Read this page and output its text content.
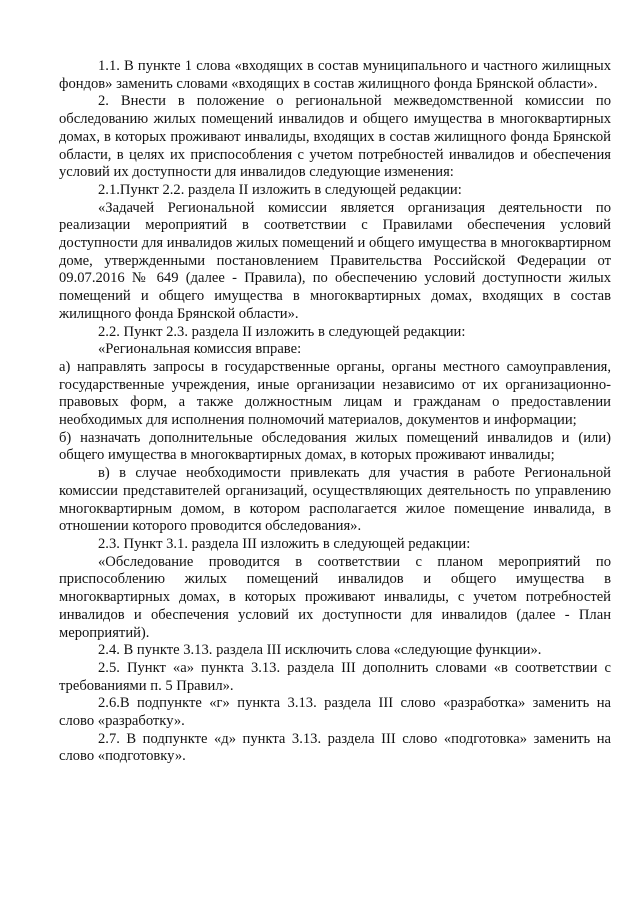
1.1. В пункте 1 слова «входящих в состав муниципального и частного жилищных фондов» заменить словами «входящих в состав жилищного фонда Брянской области».

2. Внести в положение о региональной межведомственной комиссии по обследованию жилых помещений инвалидов и общего имущества в многоквартирных домах, в которых проживают инвалиды, входящих в состав жилищного фонда Брянской области, в целях их приспособления с учетом потребностей инвалидов и обеспечения условий их доступности для инвалидов следующие изменения:

2.1.Пункт 2.2. раздела II изложить в следующей редакции:

«Задачей Региональной комиссии является организация деятельности по реализации мероприятий в соответствии с Правилами обеспечения условий доступности для инвалидов жилых помещений и общего имущества в многоквартирном доме, утвержденными постановлением Правительства Российской Федерации от 09.07.2016 № 649 (далее - Правила), по обеспечению условий доступности жилых помещений и общего имущества в многоквартирных домах, входящих в состав жилищного фонда Брянской области».

2.2. Пункт 2.3. раздела II изложить в следующей редакции:

«Региональная комиссия вправе:

а) направлять запросы в государственные органы, органы местного самоуправления, государственные учреждения, иные организации независимо от их организационно-правовых форм, а также должностным лицам и гражданам о предоставлении необходимых для исполнения полномочий материалов, документов и информации;

б) назначать дополнительные обследования жилых помещений инвалидов и (или) общего имущества в многоквартирных домах, в которых проживают инвалиды;

в) в случае необходимости привлекать для участия в работе Региональной комиссии представителей организаций, осуществляющих деятельность по управлению многоквартирным домом, в котором располагается жилое помещение инвалида, в отношении которого проводится обследования».

2.3. Пункт 3.1. раздела III изложить в следующей редакции:

«Обследование проводится в соответствии с планом мероприятий по приспособлению жилых помещений инвалидов и общего имущества в многоквартирных домах, в которых проживают инвалиды, с учетом потребностей инвалидов и обеспечения условий их доступности для инвалидов (далее - План мероприятий).

2.4. В пункте 3.13. раздела III исключить слова «следующие функции».

2.5. Пункт «а» пункта 3.13. раздела III дополнить словами «в соответствии с требованиями п. 5 Правил».

2.6.В подпункте «г» пункта 3.13. раздела III слово «разработка» заменить на слово «разработку».

2.7. В подпункте «д» пункта 3.13. раздела III слово «подготовка» заменить на слово «подготовку».
